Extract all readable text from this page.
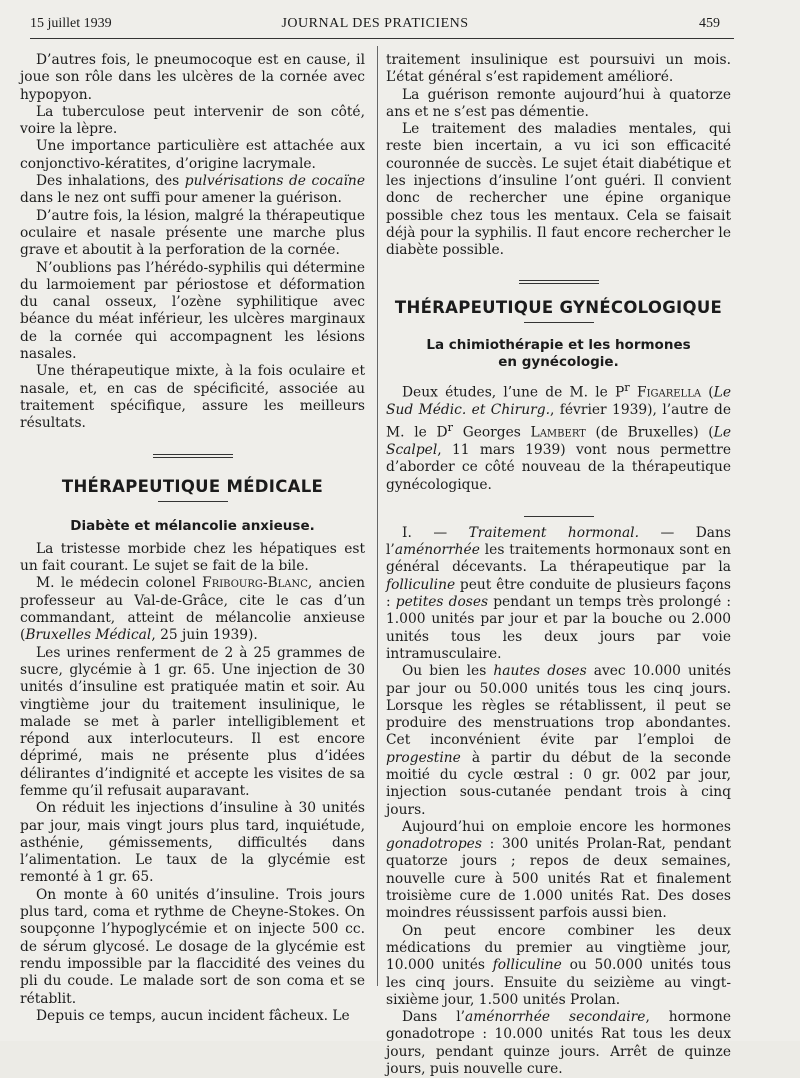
15 juillet 1939	JOURNAL DES PRATICIENS	459

D’autres fois, le pneumocoque est en cause, il joue son rôle dans les ulcères de la cornée avec hypopyon.

La tuberculose peut intervenir de son côté, voire la lèpre.

Une importance particulière est attachée aux conjonctivo-kératites, d’origine lacrymale.

Des inhalations, des pulvérisations de cocaïne dans le nez ont suffi pour amener la guérison.

D’autre fois, la lésion, malgré la thérapeutique oculaire et nasale présente une marche plus grave et aboutit à la perforation de la cornée.

N’oublions pas l’hérédo-syphilis qui détermine du larmoiement par périostose et déformation du canal osseux, l’ozène syphilitique avec béance du méat inférieur, les ulcères marginaux de la cornée qui accompagnent les lésions nasales.

Une thérapeutique mixte, à la fois oculaire et nasale, et, en cas de spécificité, associée au traitement spécifique, assure les meilleurs résultats.

THÉRAPEUTIQUE MÉDICALE
Diabète et mélancolie anxieuse.

La tristesse morbide chez les hépatiques est un fait courant. Le sujet se fait de la bile.

M. le médecin colonel Fribourg-Blanc, ancien professeur au Val-de-Grâce, cite le cas d’un commandant, atteint de mélancolie anxieuse (Bruxelles Médical, 25 juin 1939).

Les urines renferment de 2 à 25 grammes de sucre, glycémie à 1 gr. 65. Une injection de 30 unités d’insuline est pratiquée matin et soir. Au vingtième jour du traitement insulinique, le malade se met à parler intelligiblement et répond aux interlocuteurs. Il est encore déprimé, mais ne présente plus d’idées délirantes d’indignité et accepte les visites de sa femme qu’il refusait auparavant.

On réduit les injections d’insuline à 30 unités par jour, mais vingt jours plus tard, inquiétude, asthénie, gémissements, difficultés dans l’alimentation. Le taux de la glycémie est remonté à 1 gr. 65.

On monte à 60 unités d’insuline. Trois jours plus tard, coma et rythme de Cheyne-Stokes. On soupçonne l’hypoglycémie et on injecte 500 cc. de sérum glycosé. Le dosage de la glycémie est rendu impossible par la flaccidité des veines du pli du coude. Le malade sort de son coma et se rétablit.

Depuis ce temps, aucun incident fâcheux. Le

traitement insulinique est poursuivi un mois. L’état général s’est rapidement amélioré.

La guérison remonte aujourd’hui à quatorze ans et ne s’est pas démentie.

Le traitement des maladies mentales, qui reste bien incertain, a vu ici son efficacité couronnée de succès. Le sujet était diabétique et les injections d’insuline l’ont guéri. Il convient donc de rechercher une épine organique possible chez tous les mentaux. Cela se faisait déjà pour la syphilis. Il faut encore rechercher le diabète possible.

THÉRAPEUTIQUE GYNÉCOLOGIQUE
La chimiothérapie et les hormones
en gynécologie.

Deux études, l’une de M. le $P^r$ Figarella (Le Sud Médic. et Chirurg., février 1939), l’autre de M. le $D^r$ Georges Lambert (de Bruxelles) (Le Scalpel, 11 mars 1939) vont nous permettre d’aborder ce côté nouveau de la thérapeutique gynécologique.

I. — Traitement hormonal. — Dans l’aménorrhée les traitements hormonaux sont en général décevants. La thérapeutique par la folliculine peut être conduite de plusieurs façons : petites doses pendant un temps très prolongé : 1.000 unités par jour et par la bouche ou 2.000 unités tous les deux jours par voie intramusculaire.

Ou bien les hautes doses avec 10.000 unités par jour ou 50.000 unités tous les cinq jours. Lorsque les règles se rétablissent, il peut se produire des menstruations trop abondantes. Cet inconvénient évite par l’emploi de progestine à partir du début de la seconde moitié du cycle œstral : 0 gr. 002 par jour, injection sous-cutanée pendant trois à cinq jours.

Aujourd’hui on emploie encore les hormones gonadotropes : 300 unités Prolan-Rat, pendant quatorze jours ; repos de deux semaines, nouvelle cure à 500 unités Rat et finalement troisième cure de 1.000 unités Rat. Des doses moindres réussissent parfois aussi bien.

On peut encore combiner les deux médications du premier au vingtième jour, 10.000 unités folliculine ou 50.000 unités tous les cinq jours. Ensuite du seizième au vingt-sixième jour, 1.500 unités Prolan.

Dans l’aménorrhée secondaire, hormone gonadotrope : 10.000 unités Rat tous les deux jours, pendant quinze jours. Arrêt de quinze jours, puis nouvelle cure.
